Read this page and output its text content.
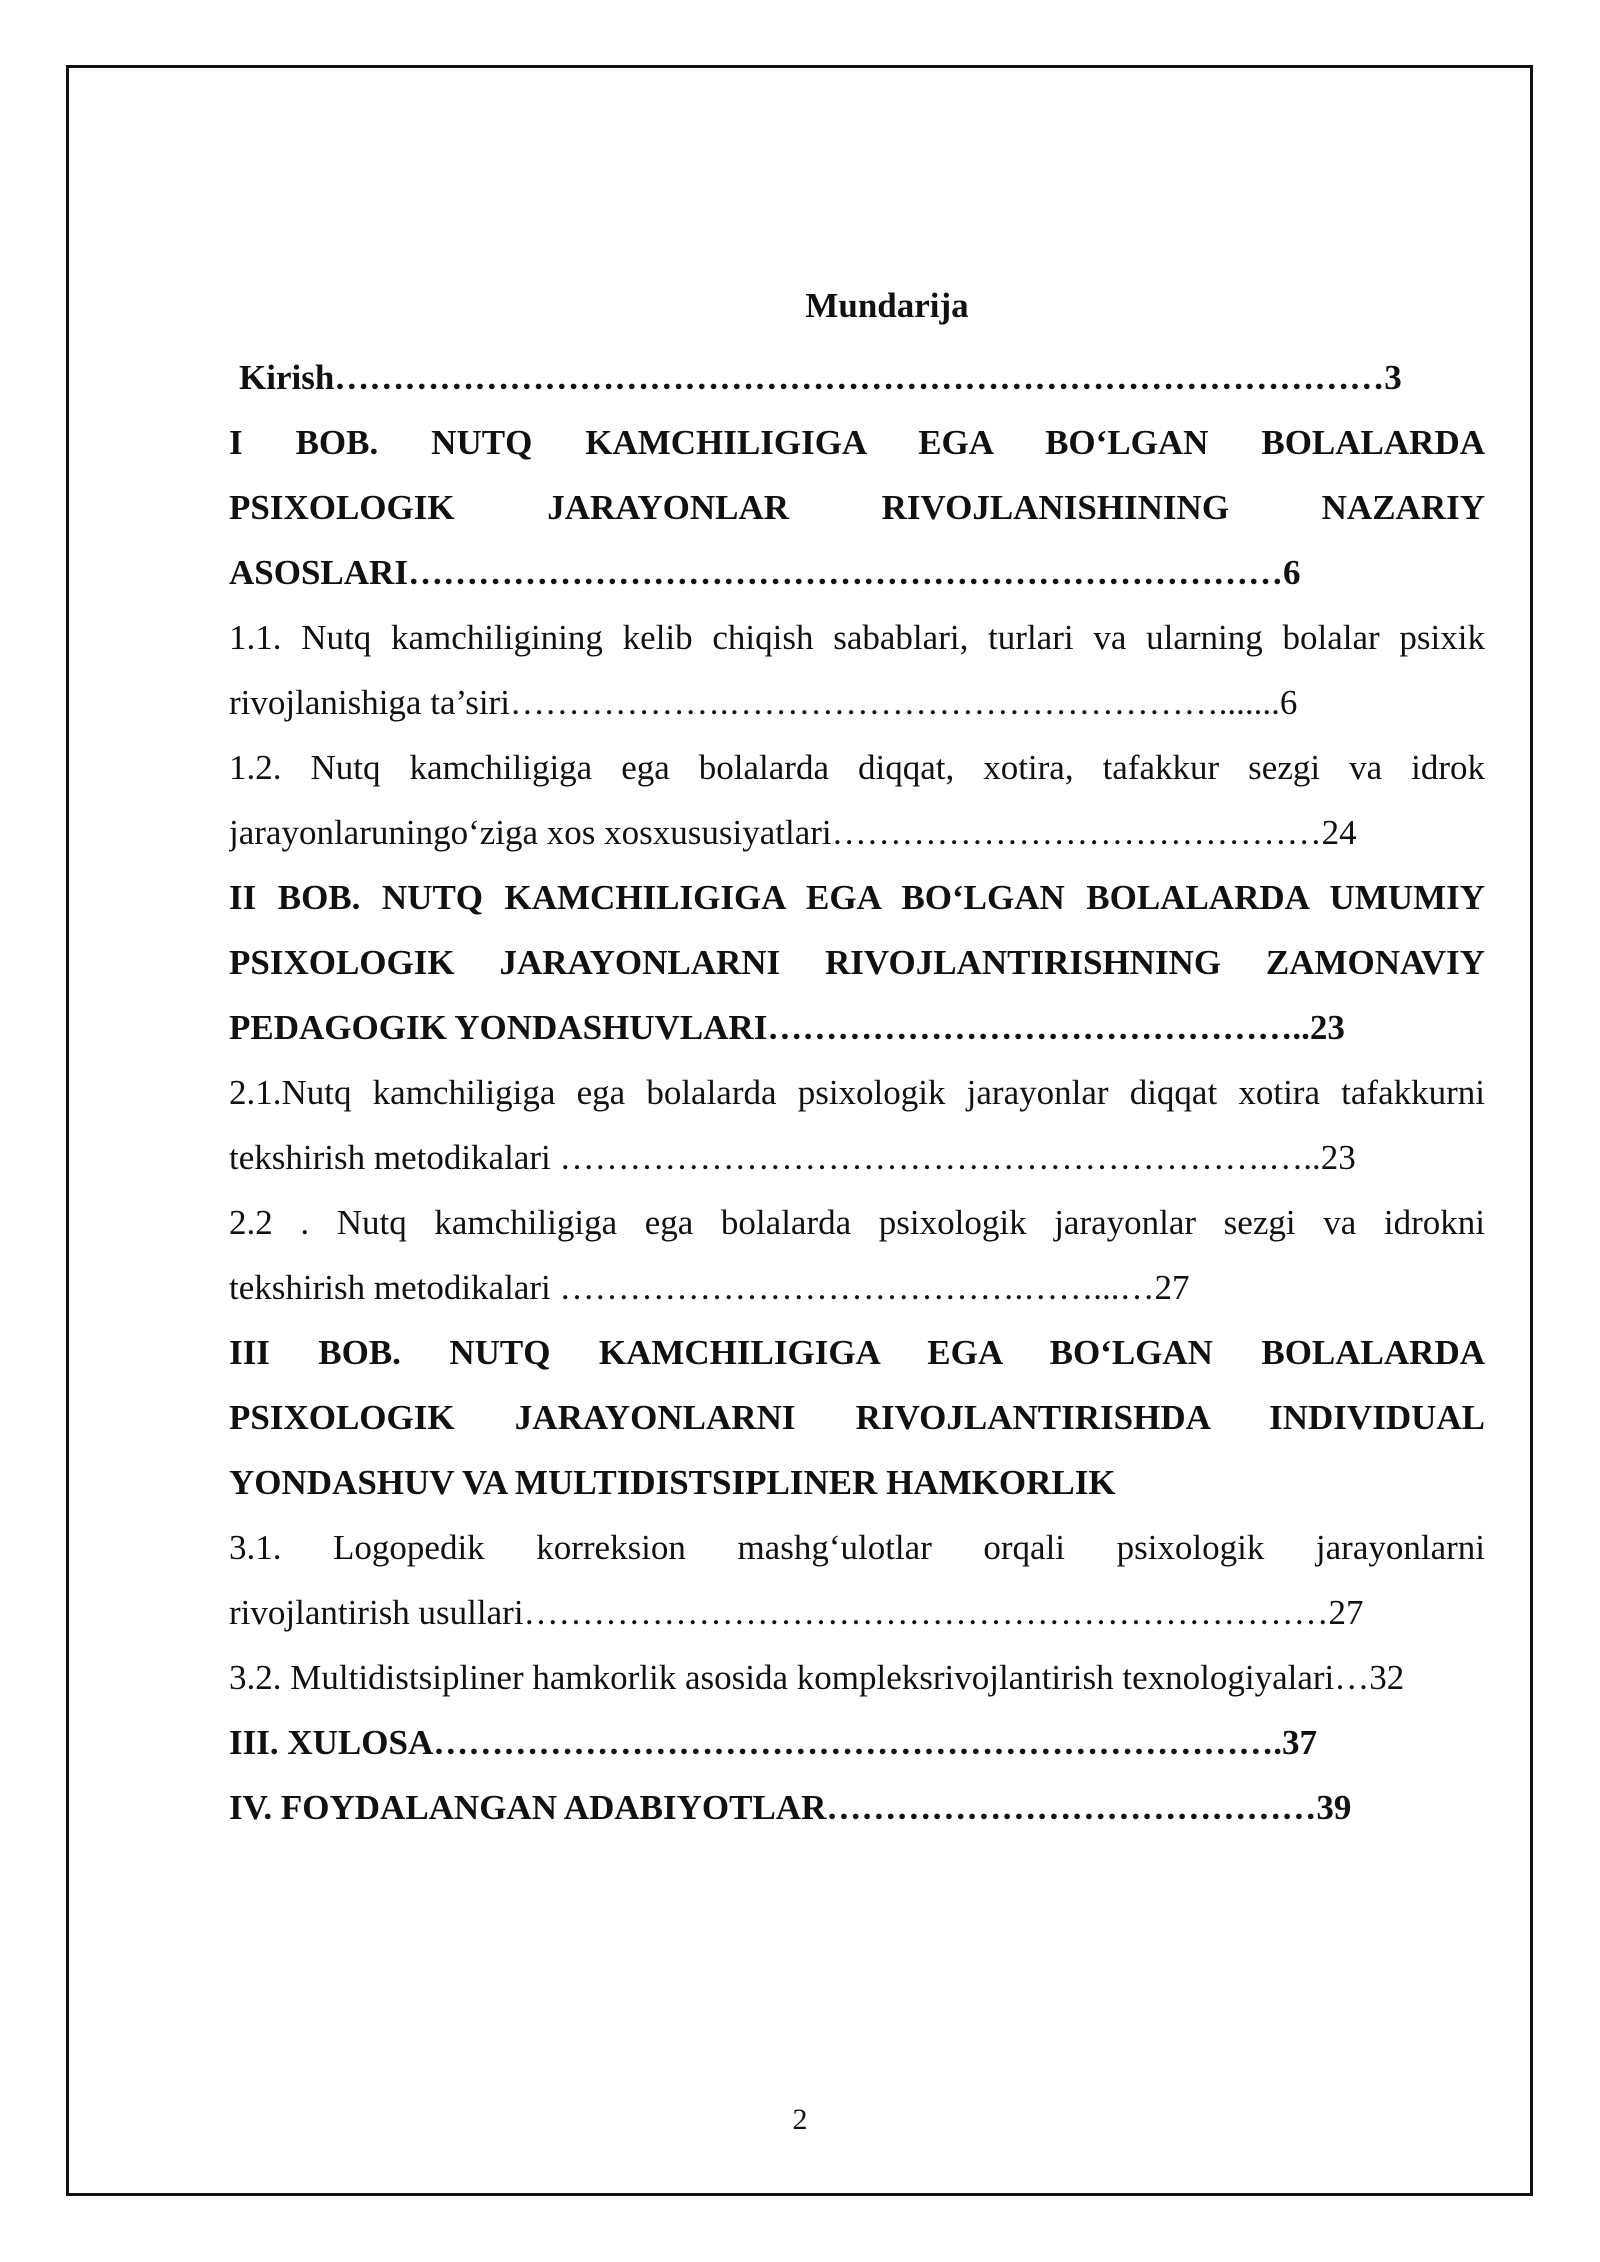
Mundarija
Kirish………………………………………………………………………………3
I BOB. NUTQ KAMCHILIGIGA EGA BO‘LGAN BOLALARDA
PSIXOLOGIK JARAYONLAR RIVOJLANISHINING NAZARIY
ASOSLARI…………………………………………………………………6
1.1. Nutq kamchiligining kelib chiqish sabablari, turlari va ularning bolalar psixik
rivojlanishiga ta’siri……………….…………………………………….......6
1.2. Nutq kamchiligiga ega bolalarda diqqat, xotira, tafakkur sezgi va idrok
jarayonlaruningo‘ziga xos xosxususiyatlari……………………………………24
II BOB. NUTQ KAMCHILIGIGA EGA BO‘LGAN BOLALARDA UMUMIY
PSIXOLOGIK JARAYONLARNI RIVOJLANTIRISHNING ZAMONAVIY
PEDAGOGIK YONDASHUVLARI………………………………………..23
2.1.Nutq kamchiligiga ega bolalarda psixologik jarayonlar diqqat xotira tafakkurni
tekshirish metodikalari …………………………………………………….…..23
2.2 . Nutq kamchiligiga ega bolalarda psixologik jarayonlar sezgi va idrokni
tekshirish metodikalari ………………………………….……...…27
III BOB. NUTQ KAMCHILIGIGA EGA BO‘LGAN BOLALARDA
PSIXOLOGIK JARAYONLARNI RIVOJLANTIRISHDA INDIVIDUAL
YONDASHUV VA MULTIDISTSIPLINER HAMKORLIK
3.1. Logopedik korreksion mashg‘ulotlar orqali psixologik jarayonlarni
rivojlantirish usullari……………………………………………………………27
3.2. Multidistsipliner hamkorlik asosida kompleksrivojlantirish texnologiyalari…32
III. XULOSA……………………………………………………………….37
IV. FOYDALANGAN ADABIYOTLAR……………………………………39
2
